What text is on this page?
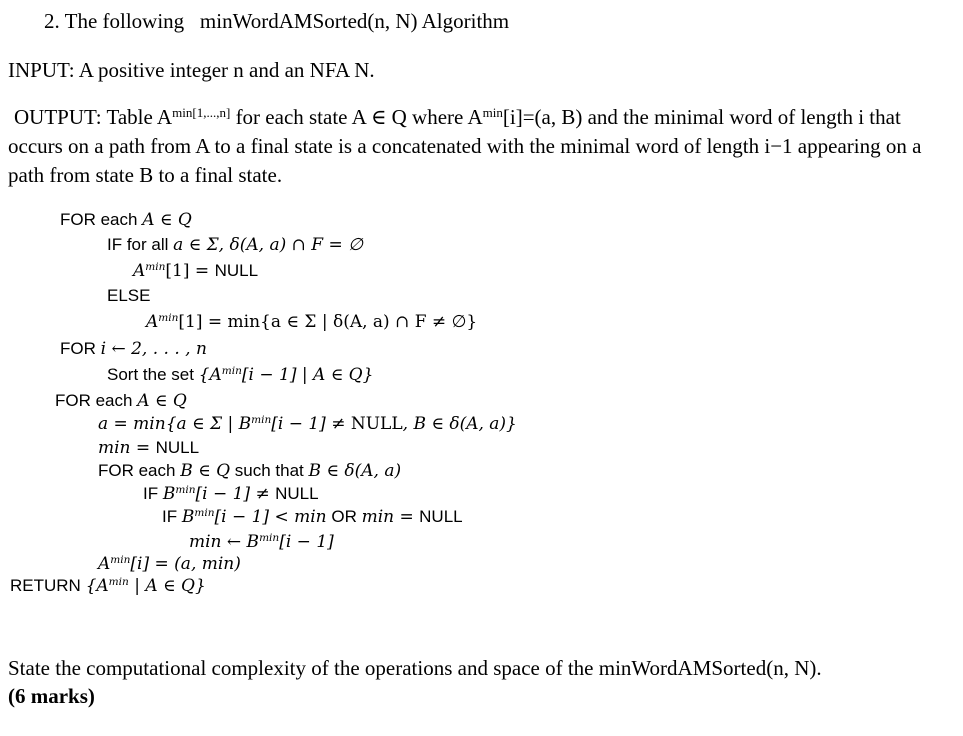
2. The following   minWordAMSorted(n, N) Algorithm
INPUT: A positive integer n and an NFA N.
OUTPUT: Table $A^{min[1,...,n]}$ for each state A ∈ Q where $A^{min}[i]=(a$, B) and the minimal word of length i that occurs on a path from A to a final state is a concatenated with the minimal word of length i−1 appearing on a path from state B to a final state.
FOR each A ∈ Q
IF for all a ∈ Σ, δ(A, a) ∩ F = ∅
$A^{min}[1]$ = NULL
ELSE
$A^{min}[1] = \min\{a$ ∈ Σ | δ(A, a) ∩ F ≠ ∅}
FOR i ← 2, . . . , n
Sort the set {$A^{min}[i - 1]$ | A ∈ Q}
FOR each A ∈ Q
a = min{a ∈ Σ | $B^{min}[i - 1]$ ≠ NULL, B ∈ δ(A, a)}
min = NULL
FOR each B ∈ Q such that B ∈ δ(A, a)
IF $B^{min}[i - 1]$ ≠ NULL
IF $B^{min}[i - 1] < \min$ OR min = NULL
min ← $B^{min}[i - 1]$
$A^{min}[i] = (a$, min)
RETURN {$A^{min}$ | A ∈ Q}
State the computational complexity of the operations and space of the minWordAMSorted(n, N).
(6 marks)
